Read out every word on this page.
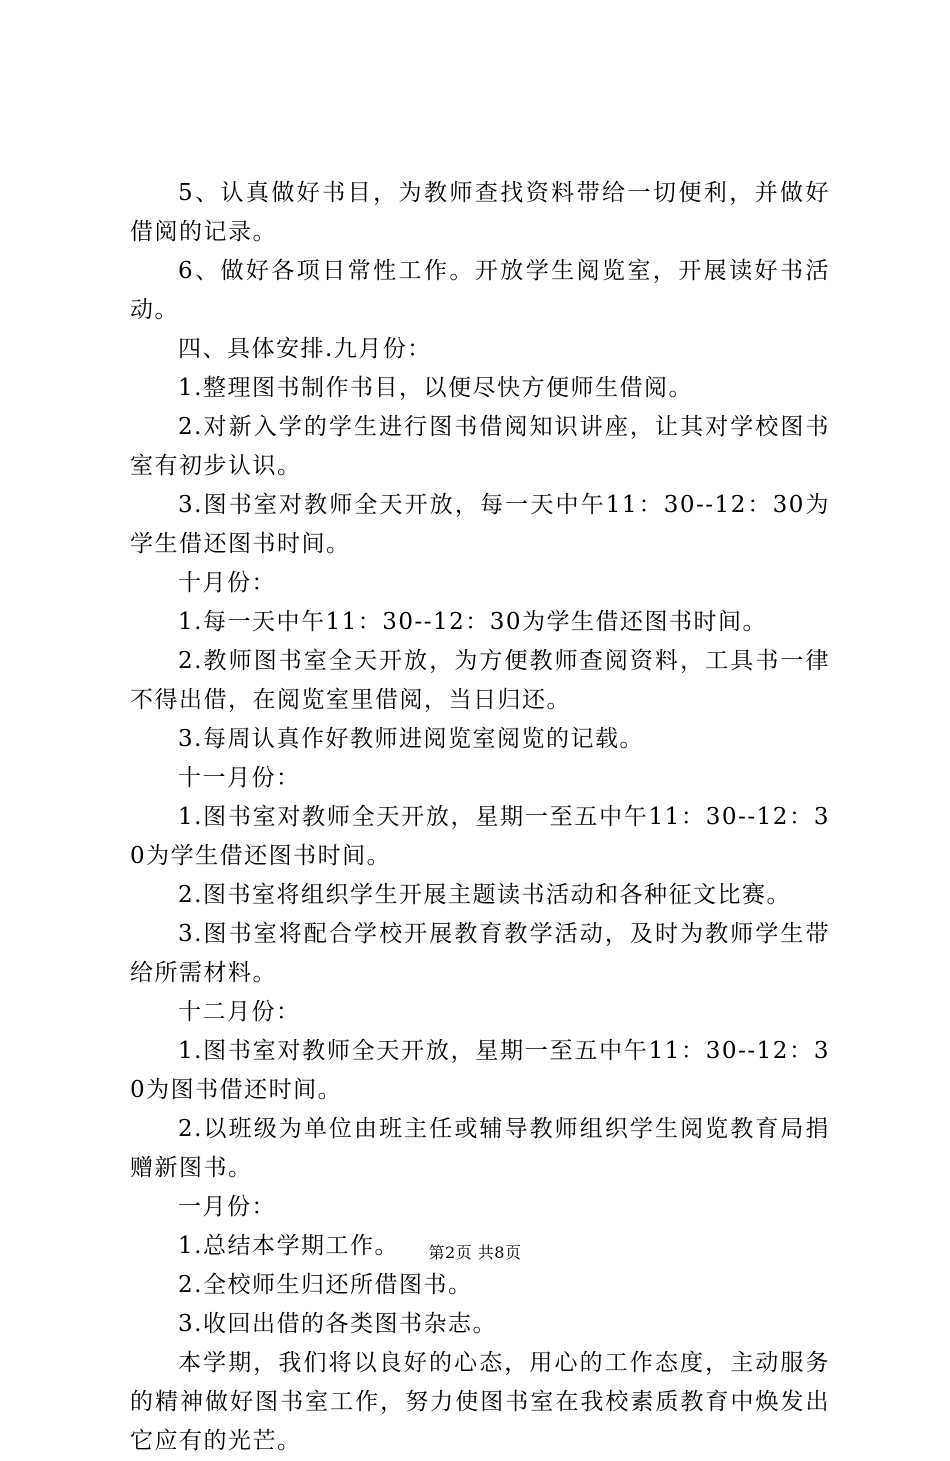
5、认真做好书目，为教师查找资料带给一切便利，并做好借阅的记录。

6、做好各项日常性工作。开放学生阅览室，开展读好书活动。

四、具体安排.九月份：

1.整理图书制作书目，以便尽快方便师生借阅。

2.对新入学的学生进行图书借阅知识讲座，让其对学校图书室有初步认识。

3.图书室对教师全天开放，每一天中午11：30--12：30为学生借还图书时间。

十月份：

1.每一天中午11：30--12：30为学生借还图书时间。

2.教师图书室全天开放，为方便教师查阅资料，工具书一律不得出借，在阅览室里借阅，当日归还。

3.每周认真作好教师进阅览室阅览的记载。

十一月份：

1.图书室对教师全天开放，星期一至五中午11：30--12：30为学生借还图书时间。

2.图书室将组织学生开展主题读书活动和各种征文比赛。

3.图书室将配合学校开展教育教学活动，及时为教师学生带给所需材料。

十二月份：

1.图书室对教师全天开放，星期一至五中午11：30--12：30为图书借还时间。

2.以班级为单位由班主任或辅导教师组织学生阅览教育局捐赠新图书。

一月份：

1.总结本学期工作。

2.全校师生归还所借图书。

3.收回出借的各类图书杂志。

本学期，我们将以良好的心态，用心的工作态度，主动服务的精神做好图书室工作，努力使图书室在我校素质教育中焕发出它应有的光芒。

第2页 共8页
